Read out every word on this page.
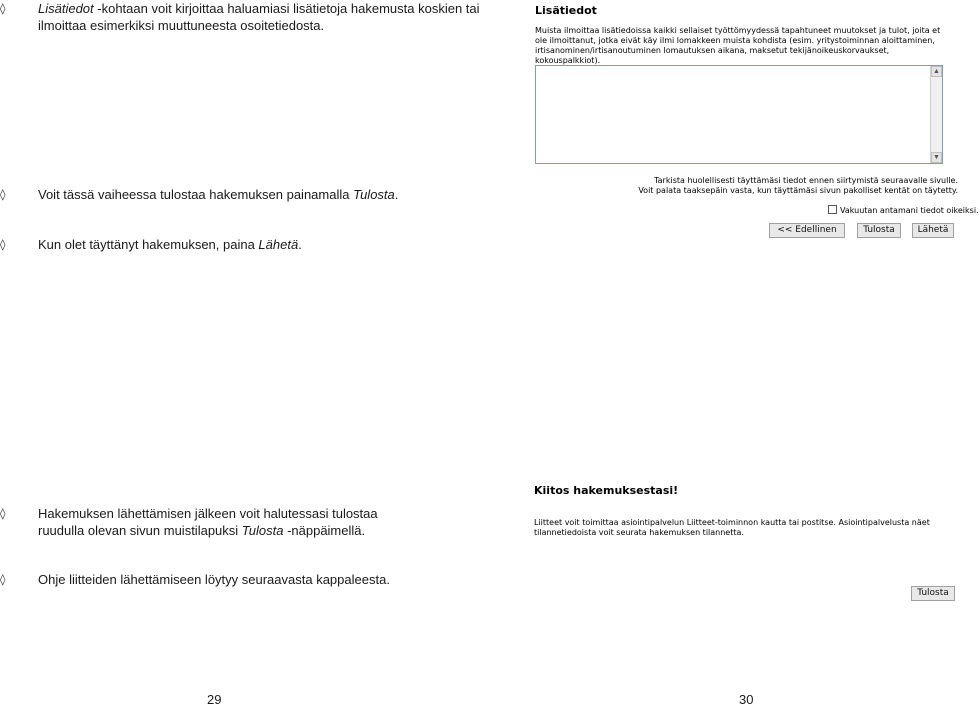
◊	Lisätiedot -kohtaan voit kirjoittaa haluamiasi lisätietoja hakemusta koskien tai ilmoittaa esimerkiksi muuttuneesta osoitetiedosta.
◊	Voit tässä vaiheessa tulostaa hakemuksen painamalla Tulosta.
◊	Kun olet täyttänyt hakemuksen, paina Lähetä.
◊	Hakemuksen lähettämisen jälkeen voit halutessasi tulostaa ruudulla olevan sivun muistilapuksi Tulosta -näppäimellä.
◊	Ohje liitteiden lähettämiseen löytyy seuraavasta kappaleesta.
29
Lisätiedot
Muista ilmoittaa lisätiedoissa kaikki sellaiset työttömyydessä tapahtuneet muutokset ja tulot, joita et ole ilmoittanut, jotka eivät käy ilmi lomakkeen muista kohdista (esim. yritystoiminnan aloittaminen, irtisanominen/irtisanoutuminen lomautuksen aikana, maksetut tekijänoikeuskorvaukset, kokouspalkkiot).
▲
▼
Tarkista huolellisesti täyttämäsi tiedot ennen siirtymistä seuraavalle sivulle.
Voit palata taaksepäin vasta, kun täyttämäsi sivun pakolliset kentät on täytetty.
Vakuutan antamani tiedot oikeiksi.
<< Edellinen	Tulosta	Lähetä
Kiitos hakemuksestasi!
Liitteet voit toimittaa asiointipalvelun Liitteet-toiminnon kautta tai postitse. Asiointipalvelusta näet tilannetiedoista voit seurata hakemuksen tilannetta.
Tulosta
30
